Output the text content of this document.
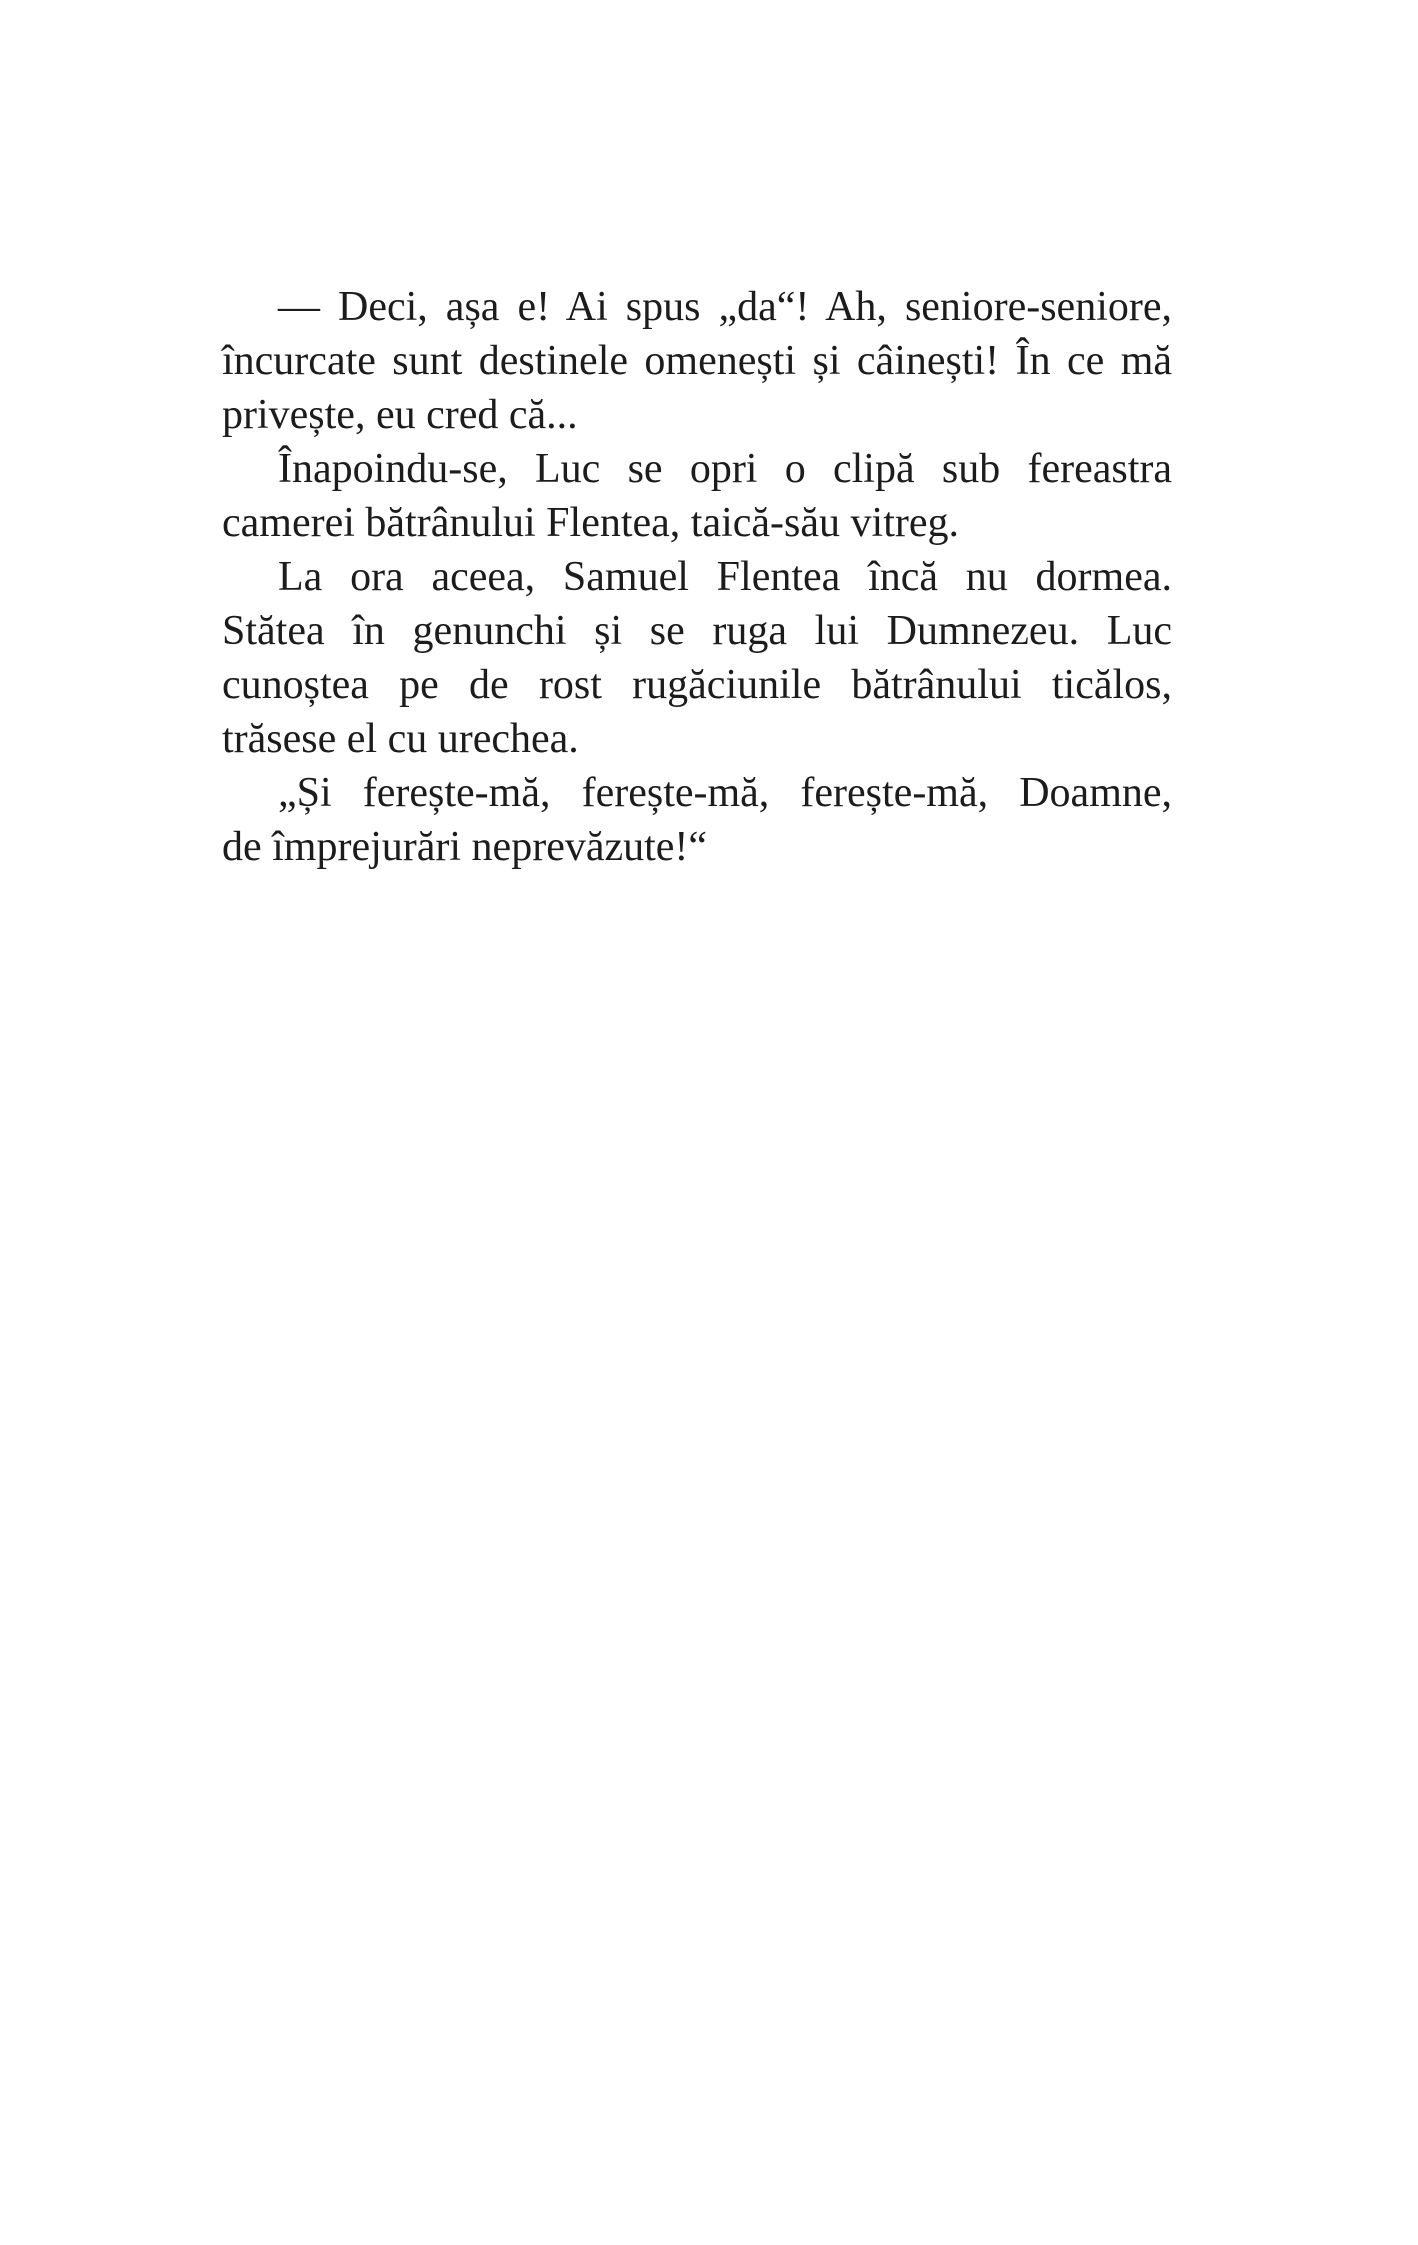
— Deci, așa e! Ai spus „da“! Ah, seniore-seniore,
încurcate sunt destinele omenești și câinești! În ce mă
privește, eu cred că...
Înapoindu-se, Luc se opri o clipă sub fereastra
camerei bătrânului Flentea, taică-său vitreg.
La ora aceea, Samuel Flentea încă nu dormea.
Stătea în genunchi și se ruga lui Dumnezeu. Luc
cunoștea pe de rost rugăciunile bătrânului ticălos,
trăsese el cu urechea.
„Și ferește-mă, ferește-mă, ferește-mă, Doamne,
de împrejurări neprevăzute!“
